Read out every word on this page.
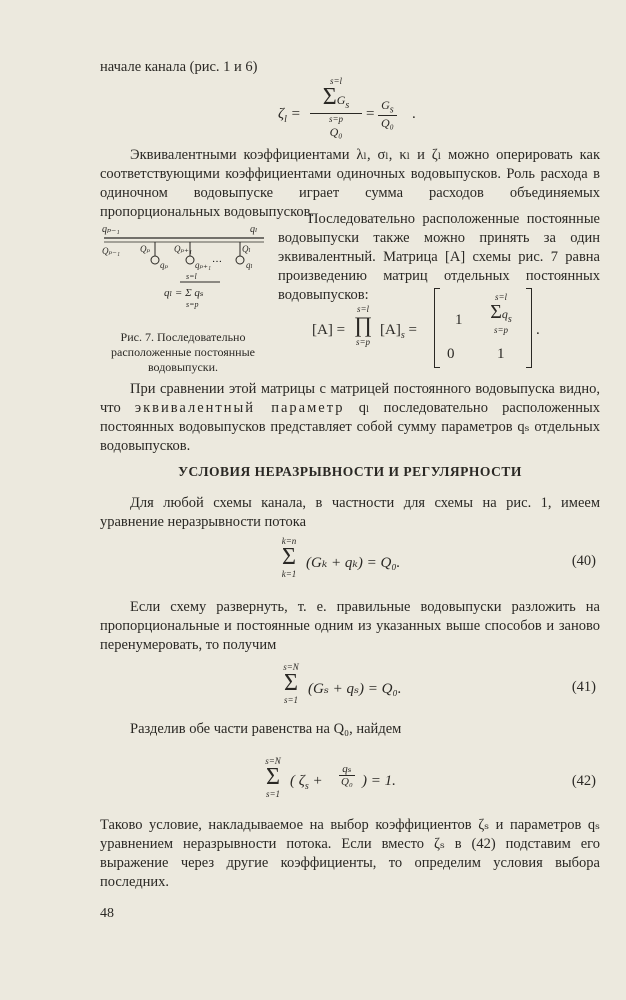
начале канала (рис. 1 и 6)

$\zeta_l$ =
s=l
$\Sigma G_s$
s=p
Q₀
= $\frac{G_s}{\text{Q₀}}$ .

Эквивалентными коэффициентами λₗ, σₗ, κₗ и ζₗ можно оперировать как соответствующими коэффициентами одиночных водовыпусков. Роль расхода в одиночном водовыпуске играет сумма расходов объединяемых пропорциональных водовыпусков.

Последовательно расположенные постоянные водовыпуски также можно принять за один эквивалентный. Матрица [A] схемы рис. 7 равна произведению матриц отдельных постоянных водовыпусков:

…
qₚ₋₁	qₗ
Qₚ₋₁ Qₚ	Qₚ₊₁	Qₗ
qₚ	qₚ₊₁	qₗ
s=l
qₗ = Σ qₛ
s=p

Рис. 7. Последовательно расположенные постоянные водовыпуски.

[A] =
s=l
∏
s=p
$[A]_s$ =
1
s=l
$\Sigma q_s$
s=p
0	1
.

При сравнении этой матрицы с матрицей постоянного водовыпуска видно, что эквивалентный параметр qₗ последовательно расположенных постоянных водовыпусков представляет собой сумму параметров qₛ отдельных водовыпусков.

УСЛОВИЯ НЕРАЗРЫВНОСТИ И РЕГУЛЯРНОСТИ

Для любой схемы канала, в частности для схемы на рис. 1, имеем уравнение неразрывности потока

k=n
Σ
k=1
(Gₖ + qₖ) = Q₀.	(40)

Если схему развернуть, т. е. правильные водовыпуски разложить на пропорциональные и постоянные одним из указанных выше способов и заново перенумеровать, то получим

s=N
Σ
s=1
(Gₛ + qₛ) = Q₀.	(41)

Разделив обе части равенства на Q₀, найдем

s=N
Σ
s=1
( $\zeta_s + \frac{\text{qₛ}}{\text{Q₀}}$ ) = 1.	(42)

Таково условие, накладываемое на выбор коэффициентов ζₛ и параметров qₛ уравнением неразрывности потока. Если вместо ζₛ в (42) подставим его выражение через другие коэффициенты, то определим условия выбора последних.

48
